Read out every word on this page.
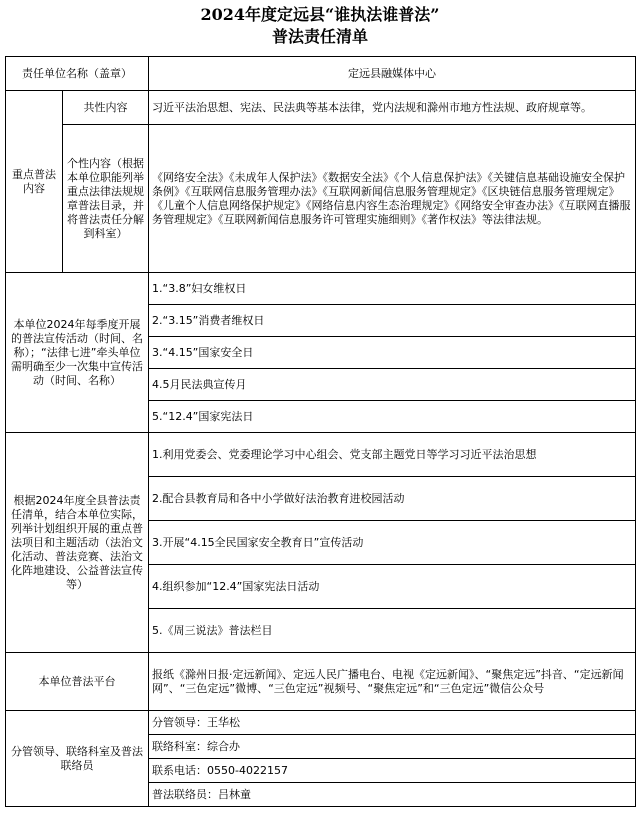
2024年度定远县“谁执法谁普法”
普法责任清单
责任单位名称（盖章）		定远县融媒体中心
重点普法内容	共性内容	习近平法治思想、宪法、民法典等基本法律，党内法规和滁州市地方性法规、政府规章等。
	个性内容（根据本单位职能列举重点法律法规规章普法目录，并将普法责任分解到科室）	《网络安全法》《未成年人保护法》《数据安全法》《个人信息保护法》《关键信息基础设施安全保护条例》《互联网信息服务管理办法》《互联网新闻信息服务管理规定》《区块链信息服务管理规定》《儿童个人信息网络保护规定》《网络信息内容生态治理规定》《网络安全审查办法》《互联网直播服务管理规定》《互联网新闻信息服务许可管理实施细则》《著作权法》等法律法规。
本单位2024年每季度开展的普法宣传活动（时间、名称）；“法律七进”牵头单位需明确至少一次集中宣传活动（时间、名称）		1.“3.8”妇女维权日
		2.“3.15”消费者维权日
		3.“4.15”国家安全日
		4.5月民法典宣传月
		5.“12.4”国家宪法日
根据2024年度全县普法责任清单，结合本单位实际，列举计划组织开展的重点普法项目和主题活动（法治文化活动、普法竞赛、法治文化阵地建设、公益普法宣传等）		1.利用党委会、党委理论学习中心组会、党支部主题党日等学习习近平法治思想
		2.配合县教育局和各中小学做好法治教育进校园活动
		3.开展“4.15全民国家安全教育日”宣传活动
		4.组织参加“12.4”国家宪法日活动
		5.《周三说法》普法栏目
本单位普法平台		报纸《滁州日报·定远新闻》、定远人民广播电台、电视《定远新闻》、“聚焦定远”抖音、“定远新闻网”、“三色定远”微博、“三色定远”视频号、“聚焦定远”和“三色定远”微信公众号
分管领导、联络科室及普法联络员		分管领导：王华松
		联络科室：综合办
		联系电话：0550-4022157
		普法联络员：吕林童
